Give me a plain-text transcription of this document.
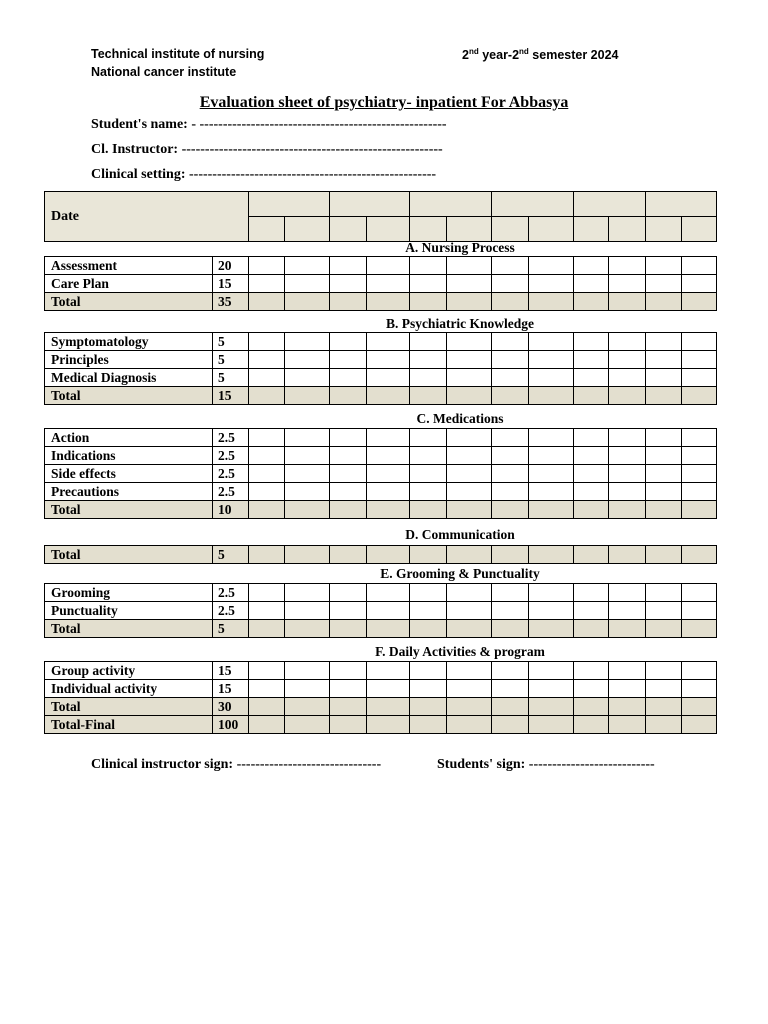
Technical institute of nursing
National cancer institute
2nd year-2nd semester 2024
Evaluation sheet of psychiatry- inpatient For Abbasya
Student's name: - -----------------------------------------------------
Cl. Instructor: --------------------------------------------------------
Clinical setting: -----------------------------------------------------
Date												

A. Nursing Process
Assessment	20												
Care Plan	15												
Total	35												
B. Psychiatric Knowledge
Symptomatology	5												
Principles	5												
Medical Diagnosis	5												
Total	15												
C. Medications
Action	2.5												
Indications	2.5												
Side effects	2.5												
Precautions	2.5												
Total	10												
D. Communication
Total	5												
E. Grooming & Punctuality
Grooming	2.5												
Punctuality	2.5												
Total	5												
F. Daily Activities & program
Group activity	15												
Individual activity	15												
Total	30												
Total-Final	100												
Clinical instructor sign: -------------------------------	Students' sign: ---------------------------
